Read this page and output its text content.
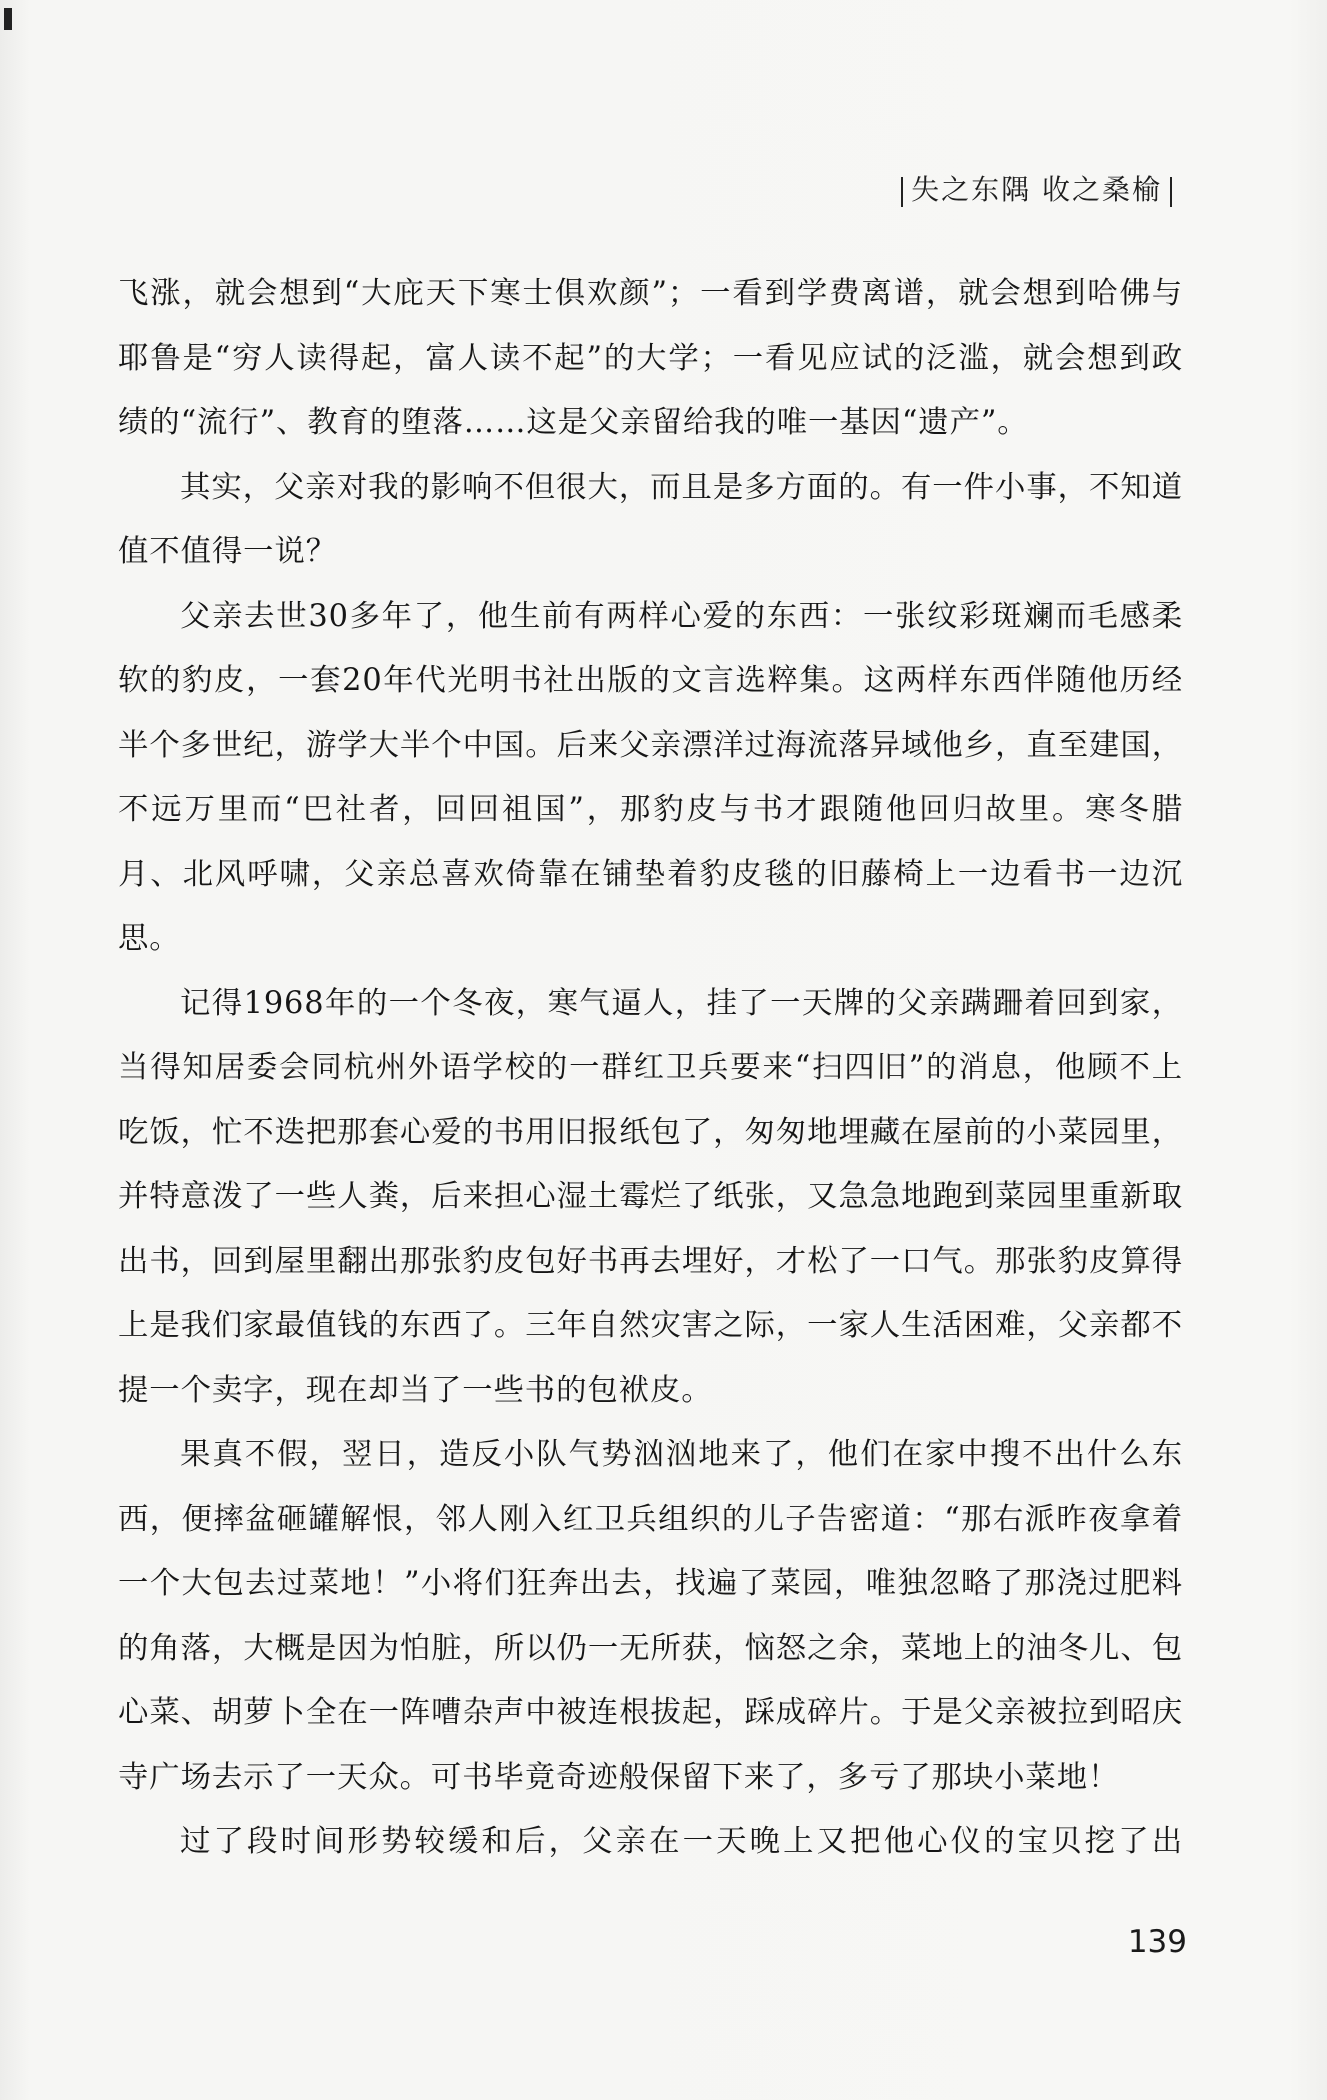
失之东隅 收之桑榆

飞涨，就会想到“大庇天下寒士俱欢颜”；一看到学费离谱，就会想到哈佛与耶鲁是“穷人读得起，富人读不起”的大学；一看见应试的泛滥，就会想到政绩的“流行”、教育的堕落……这是父亲留给我的唯一基因“遗产”。

其实，父亲对我的影响不但很大，而且是多方面的。有一件小事，不知道值不值得一说？

父亲去世30多年了，他生前有两样心爱的东西：一张纹彩斑斓而毛感柔软的豹皮，一套20年代光明书社出版的文言选粹集。这两样东西伴随他历经半个多世纪，游学大半个中国。后来父亲漂洋过海流落异域他乡，直至建国，不远万里而“巴社者，回回祖国”，那豹皮与书才跟随他回归故里。寒冬腊月、北风呼啸，父亲总喜欢倚靠在铺垫着豹皮毯的旧藤椅上一边看书一边沉思。

记得1968年的一个冬夜，寒气逼人，挂了一天牌的父亲蹒跚着回到家，当得知居委会同杭州外语学校的一群红卫兵要来“扫四旧”的消息，他顾不上吃饭，忙不迭把那套心爱的书用旧报纸包了，匆匆地埋藏在屋前的小菜园里，并特意泼了一些人粪，后来担心湿土霉烂了纸张，又急急地跑到菜园里重新取出书，回到屋里翻出那张豹皮包好书再去埋好，才松了一口气。那张豹皮算得上是我们家最值钱的东西了。三年自然灾害之际，一家人生活困难，父亲都不提一个卖字，现在却当了一些书的包袱皮。

果真不假，翌日，造反小队气势汹汹地来了，他们在家中搜不出什么东西，便摔盆砸罐解恨，邻人刚入红卫兵组织的儿子告密道：“那右派昨夜拿着一个大包去过菜地！”小将们狂奔出去，找遍了菜园，唯独忽略了那浇过肥料的角落，大概是因为怕脏，所以仍一无所获，恼怒之余，菜地上的油冬儿、包心菜、胡萝卜全在一阵嘈杂声中被连根拔起，踩成碎片。于是父亲被拉到昭庆寺广场去示了一天众。可书毕竟奇迹般保留下来了，多亏了那块小菜地！

过了段时间形势较缓和后，父亲在一天晚上又把他心仪的宝贝挖了出

139
